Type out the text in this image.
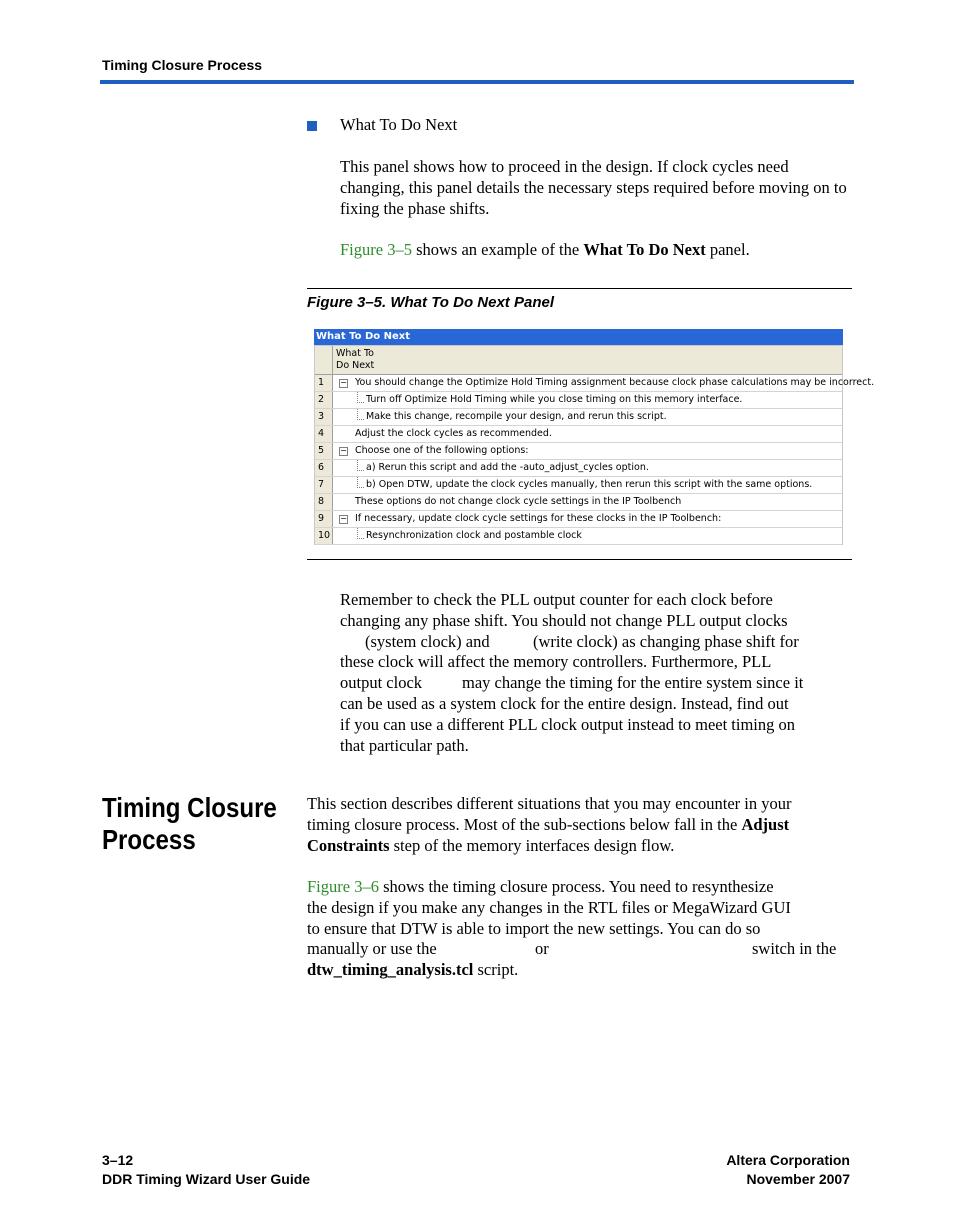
Timing Closure Process
What To Do Next
This panel shows how to proceed in the design. If clock cycles need changing, this panel details the necessary steps required before moving on to fixing the phase shifts.
Figure 3–5 shows an example of the What To Do Next panel.
Figure 3–5. What To Do Next Panel
What To Do Next
What To
Do Next
1	− You should change the Optimize Hold Timing assignment because clock phase calculations may be incorrect.
2	Turn off Optimize Hold Timing while you close timing on this memory interface.
3	Make this change, recompile your design, and rerun this script.
4	Adjust the clock cycles as recommended.
5	− Choose one of the following options:
6	a) Rerun this script and add the -auto_adjust_cycles option.
7	b) Open DTW, update the clock cycles manually, then rerun this script with the same options.
8	These options do not change clock cycle settings in the IP Toolbench
9	− If necessary, update clock cycle settings for these clocks in the IP Toolbench:
10	Resynchronization clock and postamble clock
Remember to check the PLL output counter for each clock before
changing any phase shift. You should not change PLL output clocks
(system clock) and	(write clock) as changing phase shift for
these clock will affect the memory controllers. Furthermore, PLL
output clock may change the timing for the entire system since it
can be used as a system clock for the entire design. Instead, find out
if you can use a different PLL clock output instead to meet timing on
that particular path.
Timing Closure
Process
This section describes different situations that you may encounter in your
timing closure process. Most of the sub-sections below fall in the Adjust
Constraints step of the memory interfaces design flow.
Figure 3–6 shows the timing closure process. You need to resynthesize
the design if you make any changes in the RTL files or MegaWizard GUI
to ensure that DTW is able to import the new settings. You can do so
manually or use the	or	switch in the
dtw_timing_analysis.tcl script.
3–12
DDR Timing Wizard User Guide
Altera Corporation
November 2007
